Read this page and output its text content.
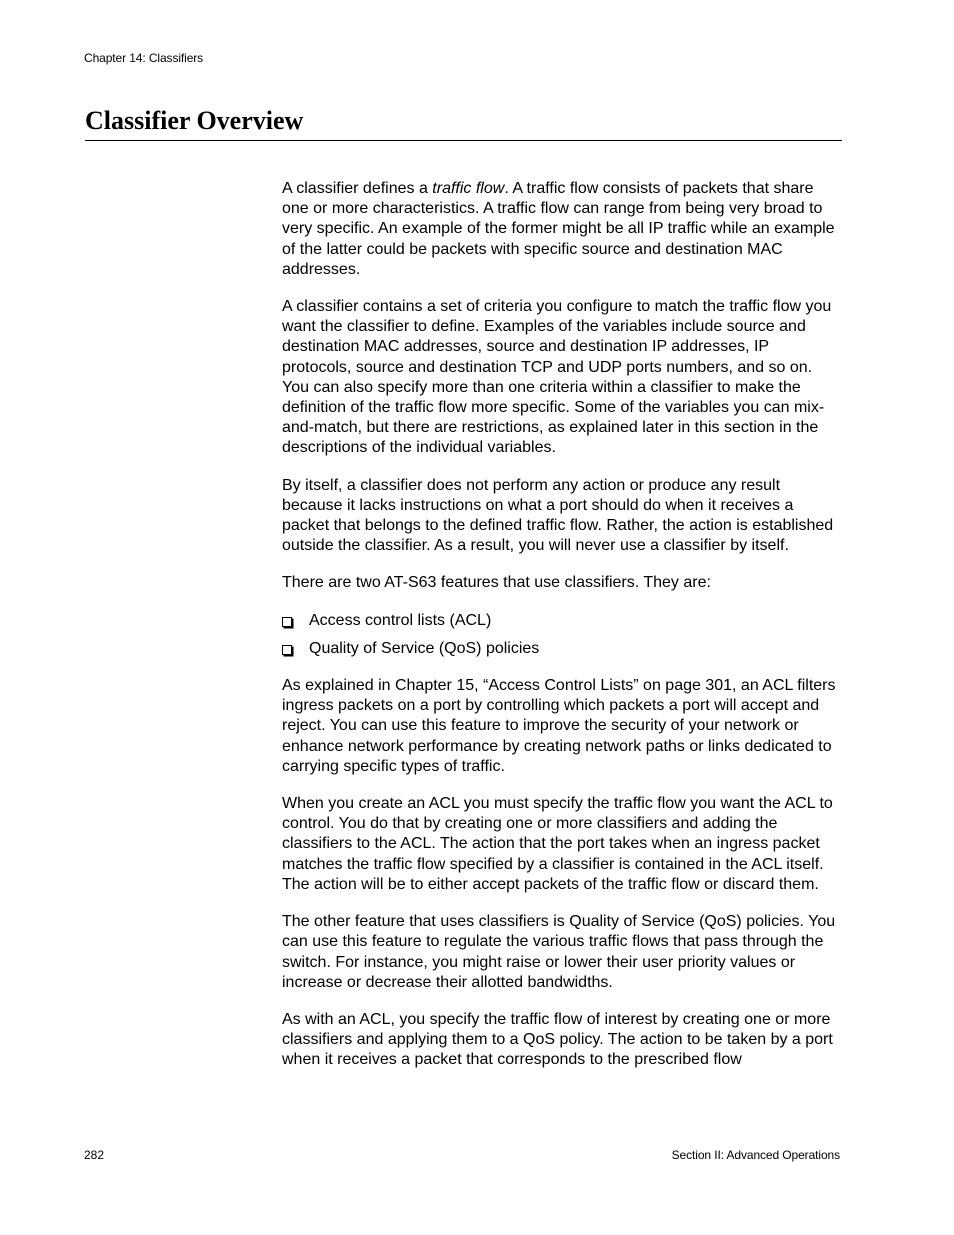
Chapter 14: Classifiers
Classifier Overview

A classifier defines a traffic flow. A traffic flow consists of packets that share one or more characteristics. A traffic flow can range from being very broad to very specific. An example of the former might be all IP traffic while an example of the latter could be packets with specific source and destination MAC addresses.

A classifier contains a set of criteria you configure to match the traffic flow you want the classifier to define. Examples of the variables include source and destination MAC addresses, source and destination IP addresses, IP protocols, source and destination TCP and UDP ports numbers, and so on. You can also specify more than one criteria within a classifier to make the definition of the traffic flow more specific. Some of the variables you can mix-and-match, but there are restrictions, as explained later in this section in the descriptions of the individual variables.

By itself, a classifier does not perform any action or produce any result because it lacks instructions on what a port should do when it receives a packet that belongs to the defined traffic flow. Rather, the action is established outside the classifier. As a result, you will never use a classifier by itself.

There are two AT-S63 features that use classifiers. They are:

Access control lists (ACL)
Quality of Service (QoS) policies

As explained in Chapter 15, “Access Control Lists” on page 301, an ACL filters ingress packets on a port by controlling which packets a port will accept and reject. You can use this feature to improve the security of your network or enhance network performance by creating network paths or links dedicated to carrying specific types of traffic.

When you create an ACL you must specify the traffic flow you want the ACL to control. You do that by creating one or more classifiers and adding the classifiers to the ACL. The action that the port takes when an ingress packet matches the traffic flow specified by a classifier is contained in the ACL itself. The action will be to either accept packets of the traffic flow or discard them.

The other feature that uses classifiers is Quality of Service (QoS) policies. You can use this feature to regulate the various traffic flows that pass through the switch. For instance, you might raise or lower their user priority values or increase or decrease their allotted bandwidths.

As with an ACL, you specify the traffic flow of interest by creating one or more classifiers and applying them to a QoS policy. The action to be taken by a port when it receives a packet that corresponds to the prescribed flow

282	Section II: Advanced Operations
